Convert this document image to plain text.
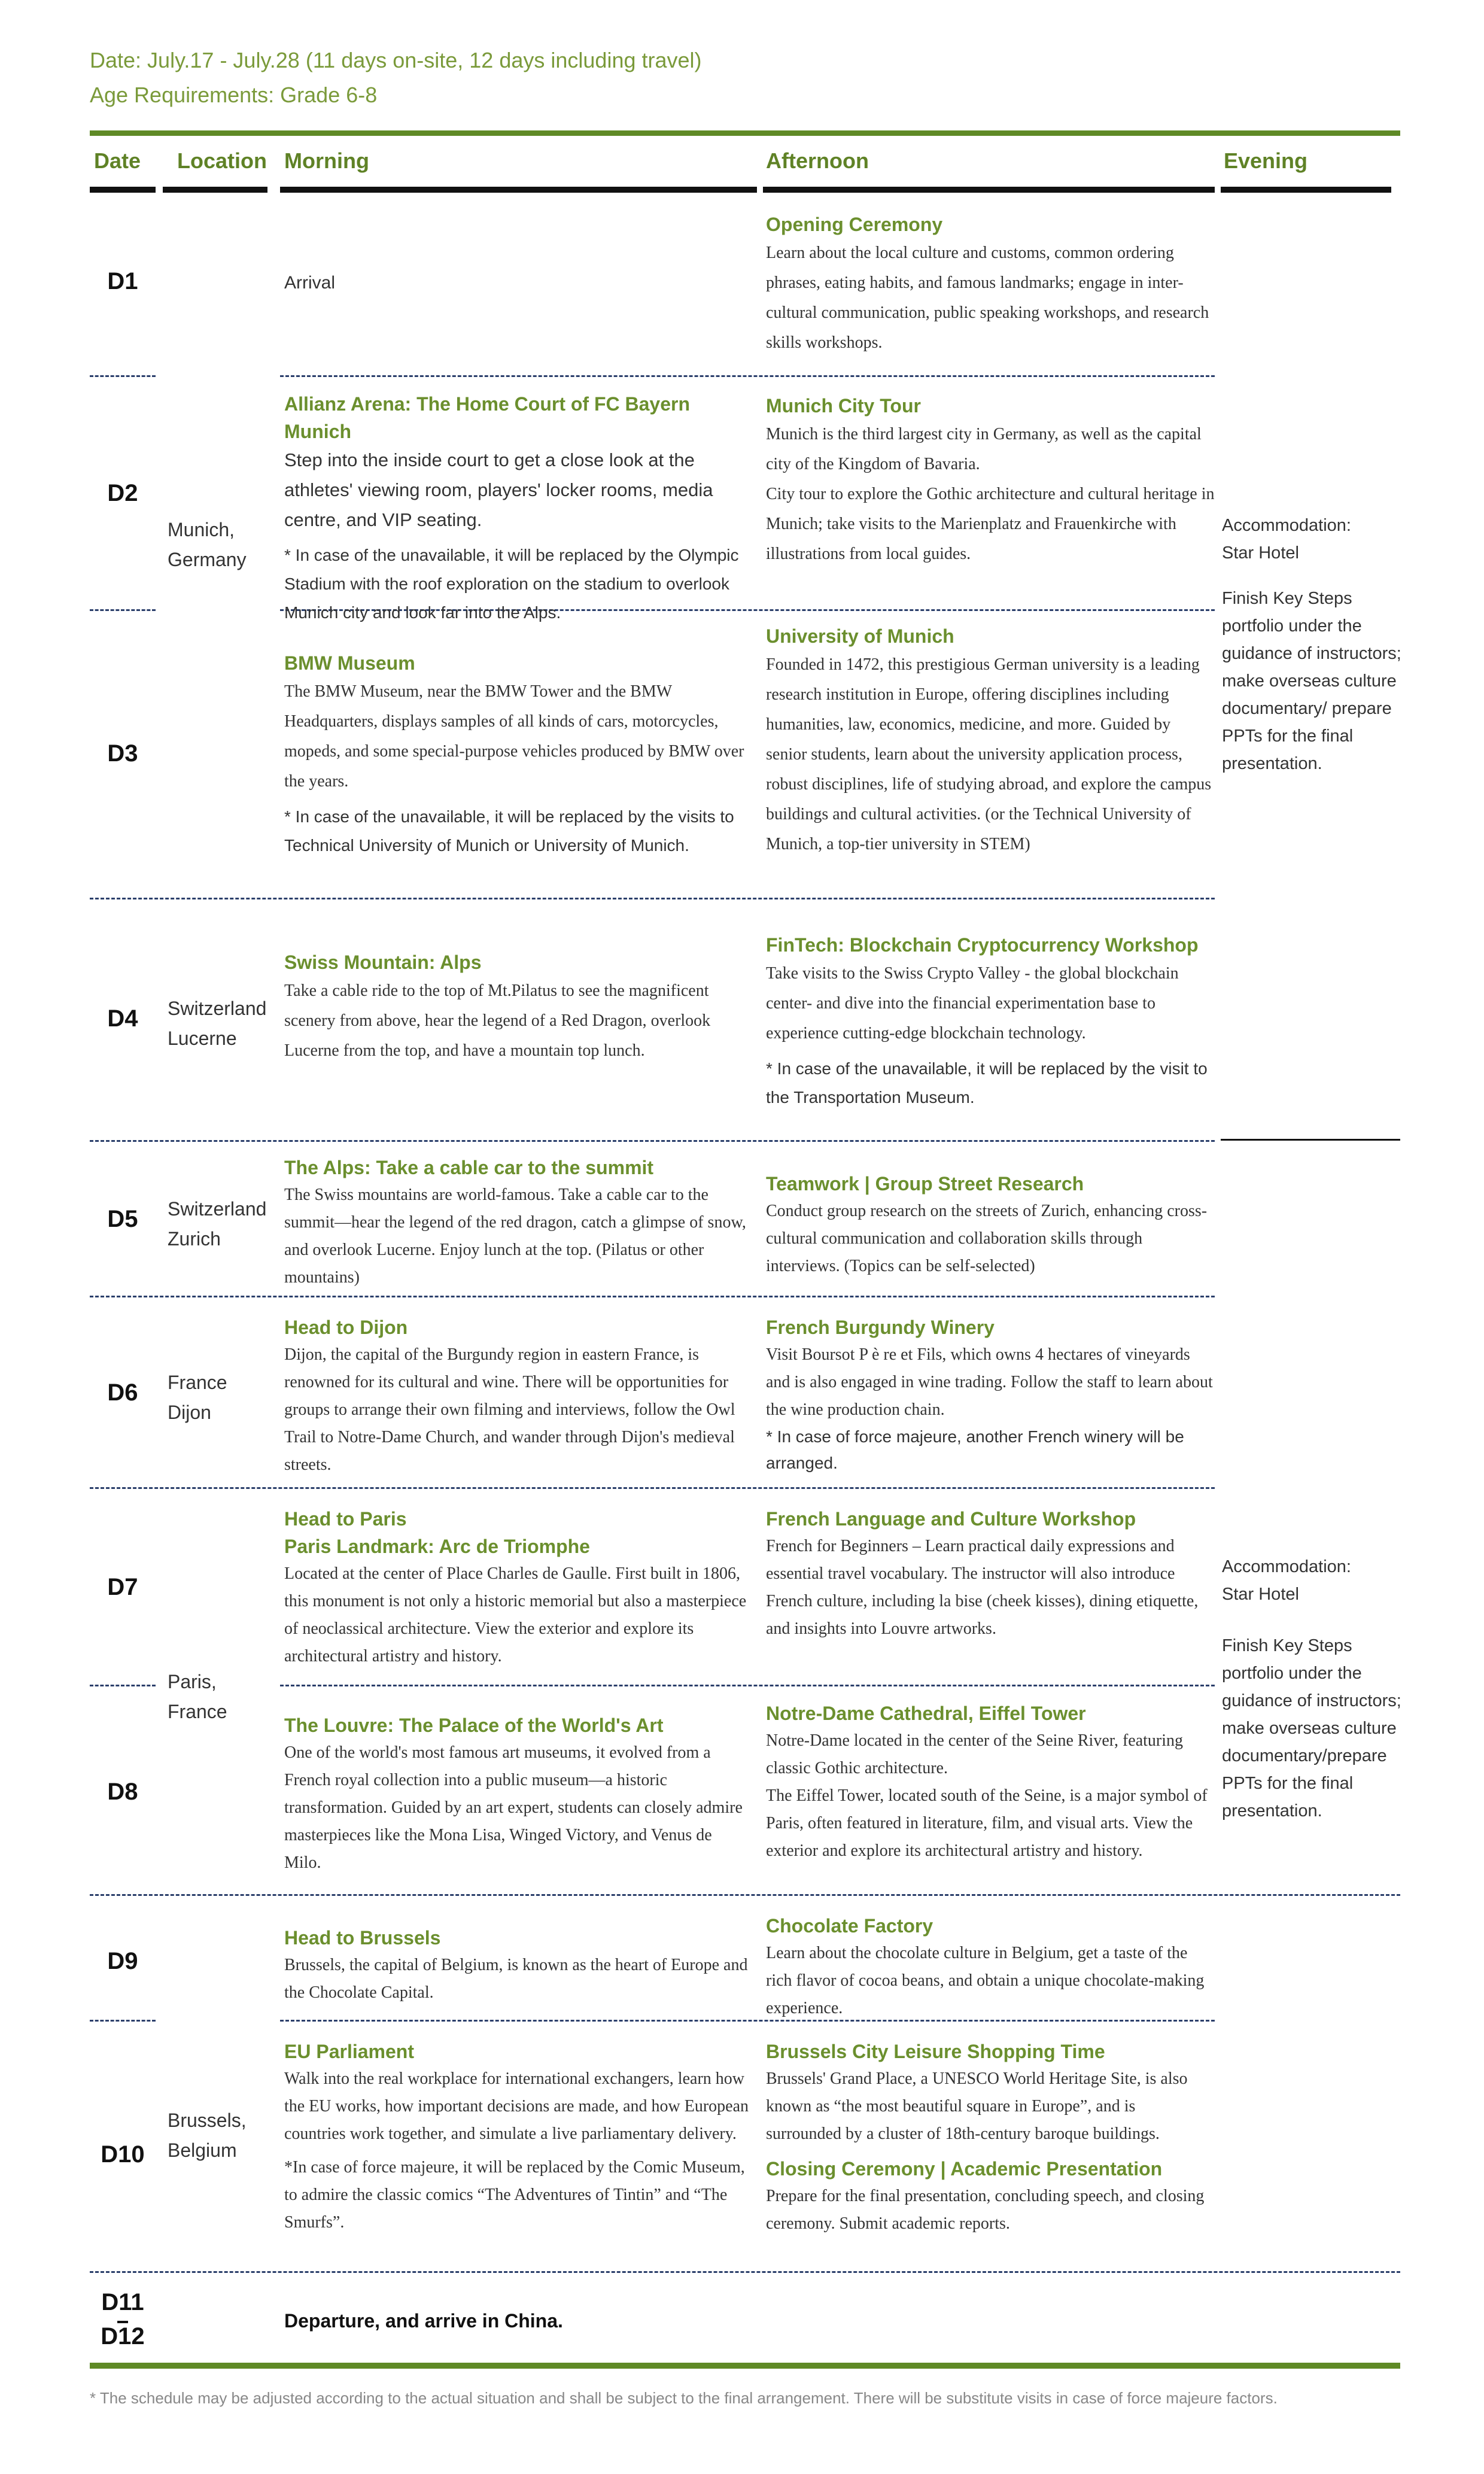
Date: July.17 - July.28 (11 days on-site, 12 days including travel)
Age Requirements: Grade 6-8
Date Location Morning	Afternoon	Evening
D1
D2
D3
D4
D5
D6
D7
D8
D9
D10
D11
D12
Munich,
Germany
Switzerland
Lucerne
Switzerland
Zurich
France
Dijon
Paris,
France
Brussels,
Belgium
Arrival
Opening Ceremony
Learn about the local culture and customs, common ordering phrases, eating habits, and famous landmarks; engage in inter-cultural communication, public speaking workshops, and research skills workshops.
Allianz Arena: The Home Court of FC Bayern Munich
Step into the inside court to get a close look at the athletes' viewing room, players' locker rooms, media centre, and VIP seating.
* In case of the unavailable, it will be replaced by the Olympic Stadium with the roof exploration on the stadium to overlook Munich city and look far into the Alps.
Munich City Tour
Munich is the third largest city in Germany, as well as the capital city of the Kingdom of Bavaria.
City tour to explore the Gothic architecture and cultural heritage in Munich; take visits to the Marienplatz and Frauenkirche with illustrations from local guides.
BMW Museum
The BMW Museum, near the BMW Tower and the BMW Headquarters, displays samples of all kinds of cars, motorcycles, mopeds, and some special-purpose vehicles produced by BMW over the years.
* In case of the unavailable, it will be replaced by the visits to Technical University of Munich or University of Munich.
University of Munich
Founded in 1472, this prestigious German university is a leading research institution in Europe, offering disciplines including humanities, law, economics, medicine, and more. Guided by senior students, learn about the university application process, robust disciplines, life of studying abroad, and explore the campus buildings and cultural activities. (or the Technical University of Munich, a top-tier university in STEM)
Accommodation:
Star Hotel
Finish Key Steps portfolio under the guidance of instructors; make overseas culture documentary/ prepare PPTs for the final presentation.
Swiss Mountain: Alps
Take a cable ride to the top of Mt.Pilatus to see the magnificent scenery from above, hear the legend of a Red Dragon, overlook Lucerne from the top, and have a mountain top lunch.
FinTech: Blockchain Cryptocurrency Workshop
Take visits to the Swiss Crypto Valley - the global blockchain center- and dive into the financial experimentation base to experience cutting-edge blockchain technology.
* In case of the unavailable, it will be replaced by the visit to the Transportation Museum.
The Alps: Take a cable car to the summit
The Swiss mountains are world-famous. Take a cable car to the summit—hear the legend of the red dragon, catch a glimpse of snow, and overlook Lucerne. Enjoy lunch at the top. (Pilatus or other mountains)
Teamwork | Group Street Research
Conduct group research on the streets of Zurich, enhancing cross-cultural communication and collaboration skills through interviews. (Topics can be self-selected)
Head to Dijon
Dijon, the capital of the Burgundy region in eastern France, is renowned for its cultural and wine. There will be opportunities for groups to arrange their own filming and interviews, follow the Owl Trail to Notre-Dame Church, and wander through Dijon's medieval streets.
French Burgundy Winery
Visit Boursot P è re et Fils, which owns 4 hectares of vineyards and is also engaged in wine trading. Follow the staff to learn about the wine production chain.
* In case of force majeure, another French winery will be arranged.
Head to Paris
Paris Landmark: Arc de Triomphe
Located at the center of Place Charles de Gaulle. First built in 1806, this monument is not only a historic memorial but also a masterpiece of neoclassical architecture. View the exterior and explore its architectural artistry and history.
French Language and Culture Workshop
French for Beginners – Learn practical daily expressions and essential travel vocabulary. The instructor will also introduce French culture, including la bise (cheek kisses), dining etiquette, and insights into Louvre artworks.
The Louvre: The Palace of the World's Art
One of the world's most famous art museums, it evolved from a French royal collection into a public museum—a historic transformation. Guided by an art expert, students can closely admire masterpieces like the Mona Lisa, Winged Victory, and Venus de Milo.
Notre-Dame Cathedral, Eiffel Tower
Notre-Dame located in the center of the Seine River, featuring classic Gothic architecture.
The Eiffel Tower, located south of the Seine, is a major symbol of Paris, often featured in literature, film, and visual arts. View the exterior and explore its architectural artistry and history.
Accommodation:
Star Hotel
Finish Key Steps portfolio under the guidance of instructors; make overseas culture documentary/prepare PPTs for the final presentation.
Head to Brussels
Brussels, the capital of Belgium, is known as the heart of Europe and the Chocolate Capital.
Chocolate Factory
Learn about the chocolate culture in Belgium, get a taste of the rich flavor of cocoa beans, and obtain a unique chocolate-making experience.
EU Parliament
Walk into the real workplace for international exchangers, learn how the EU works, how important decisions are made, and how European countries work together, and simulate a live parliamentary delivery.
*In case of force majeure, it will be replaced by the Comic Museum, to admire the classic comics “The Adventures of Tintin” and “The Smurfs”.
Brussels City Leisure Shopping Time
Brussels' Grand Place, a UNESCO World Heritage Site, is also known as “the most beautiful square in Europe”, and is surrounded by a cluster of 18th-century baroque buildings.
Closing Ceremony | Academic Presentation
Prepare for the final presentation, concluding speech, and closing ceremony. Submit academic reports.
Departure, and arrive in China.
* The schedule may be adjusted according to the actual situation and shall be subject to the final arrangement. There will be substitute visits in case of force majeure factors.
